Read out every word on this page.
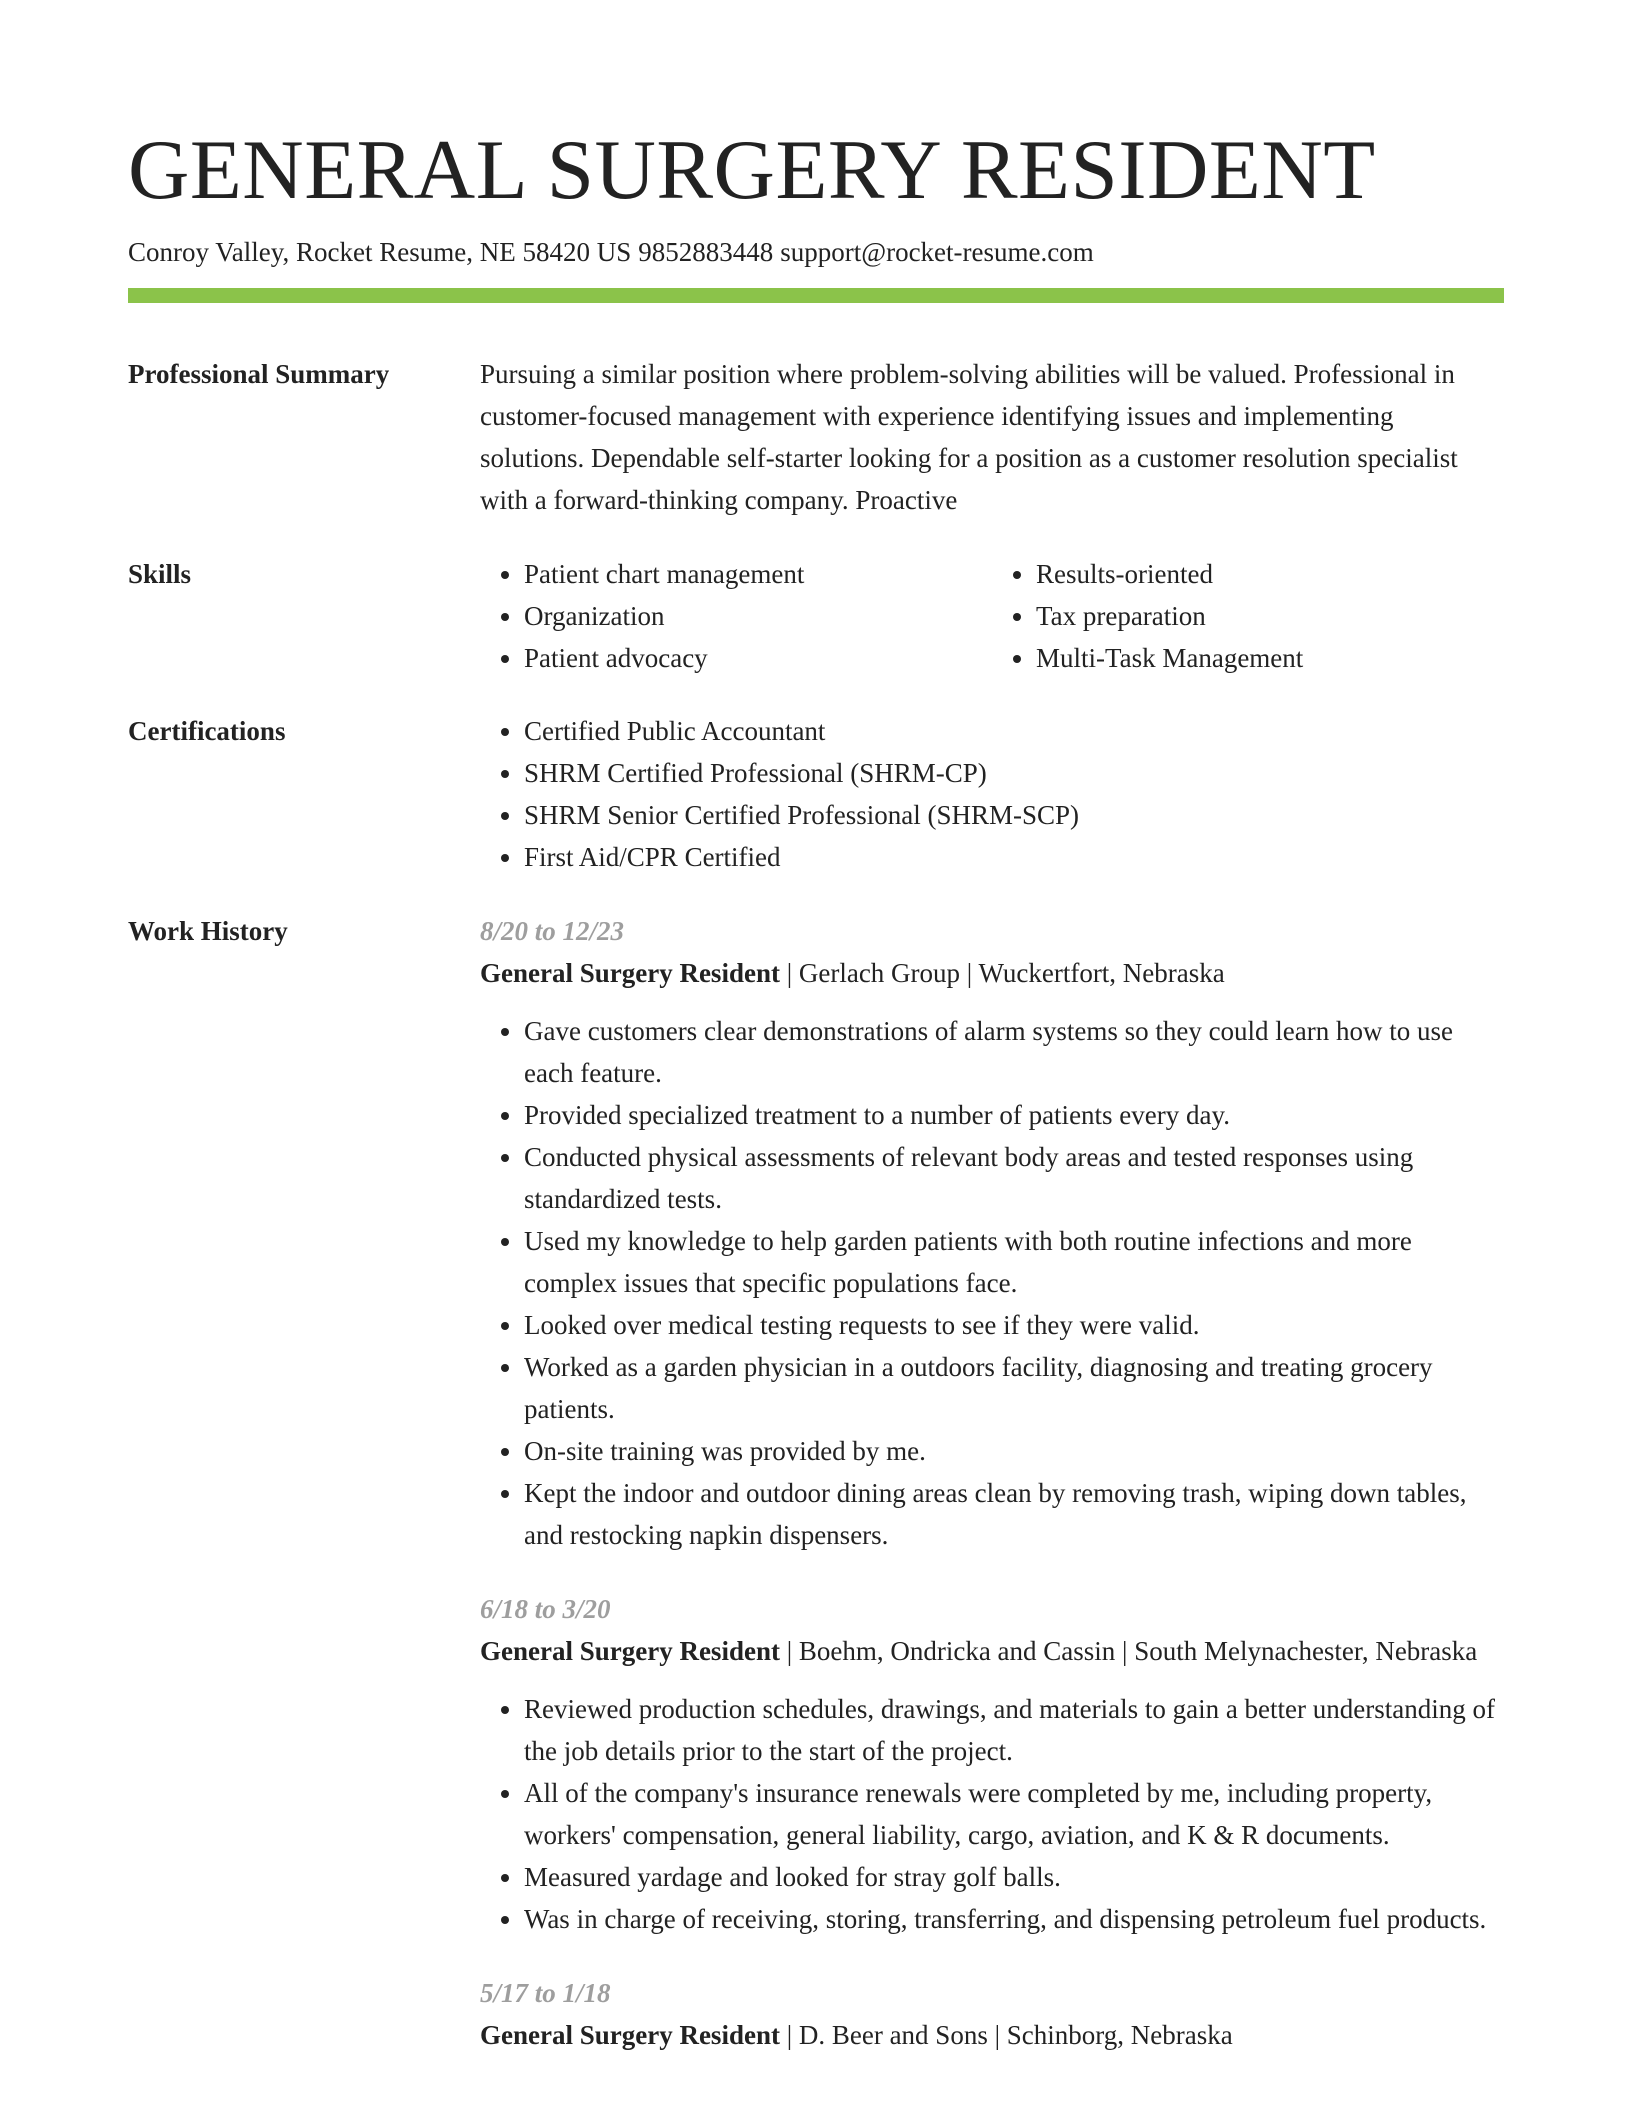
GENERAL SURGERY RESIDENT
Conroy Valley, Rocket Resume, NE 58420 US 9852883448 support@rocket-resume.com
Professional Summary	Pursuing a similar position where problem-solving abilities will be valued. Professional in customer-focused management with experience identifying issues and implementing solutions. Dependable self-starter looking for a position as a customer resolution specialist with a forward-thinking company. Proactive

Skills	• Patient chart management
• Organization
• Patient advocacy
• Results-oriented
• Tax preparation
• Multi-Task Management
Certifications	• Certified Public Accountant
• SHRM Certified Professional (SHRM-CP)
• SHRM Senior Certified Professional (SHRM-SCP)
• First Aid/CPR Certified
Work History	8/20 to 12/23
General Surgery Resident | Gerlach Group | Wuckertfort, Nebraska
• Gave customers clear demonstrations of alarm systems so they could learn how to use each feature.
• Provided specialized treatment to a number of patients every day.
• Conducted physical assessments of relevant body areas and tested responses using standardized tests.
• Used my knowledge to help garden patients with both routine infections and more complex issues that specific populations face.
• Looked over medical testing requests to see if they were valid.
• Worked as a garden physician in a outdoors facility, diagnosing and treating grocery patients.
• On-site training was provided by me.
• Kept the indoor and outdoor dining areas clean by removing trash, wiping down tables, and restocking napkin dispensers.
6/18 to 3/20
General Surgery Resident | Boehm, Ondricka and Cassin | South Melynachester, Nebraska
• Reviewed production schedules, drawings, and materials to gain a better understanding of the job details prior to the start of the project.
• All of the company's insurance renewals were completed by me, including property, workers' compensation, general liability, cargo, aviation, and K & R documents.
• Measured yardage and looked for stray golf balls.
• Was in charge of receiving, storing, transferring, and dispensing petroleum fuel products.
5/17 to 1/18
General Surgery Resident | D. Beer and Sons | Schinborg, Nebraska
